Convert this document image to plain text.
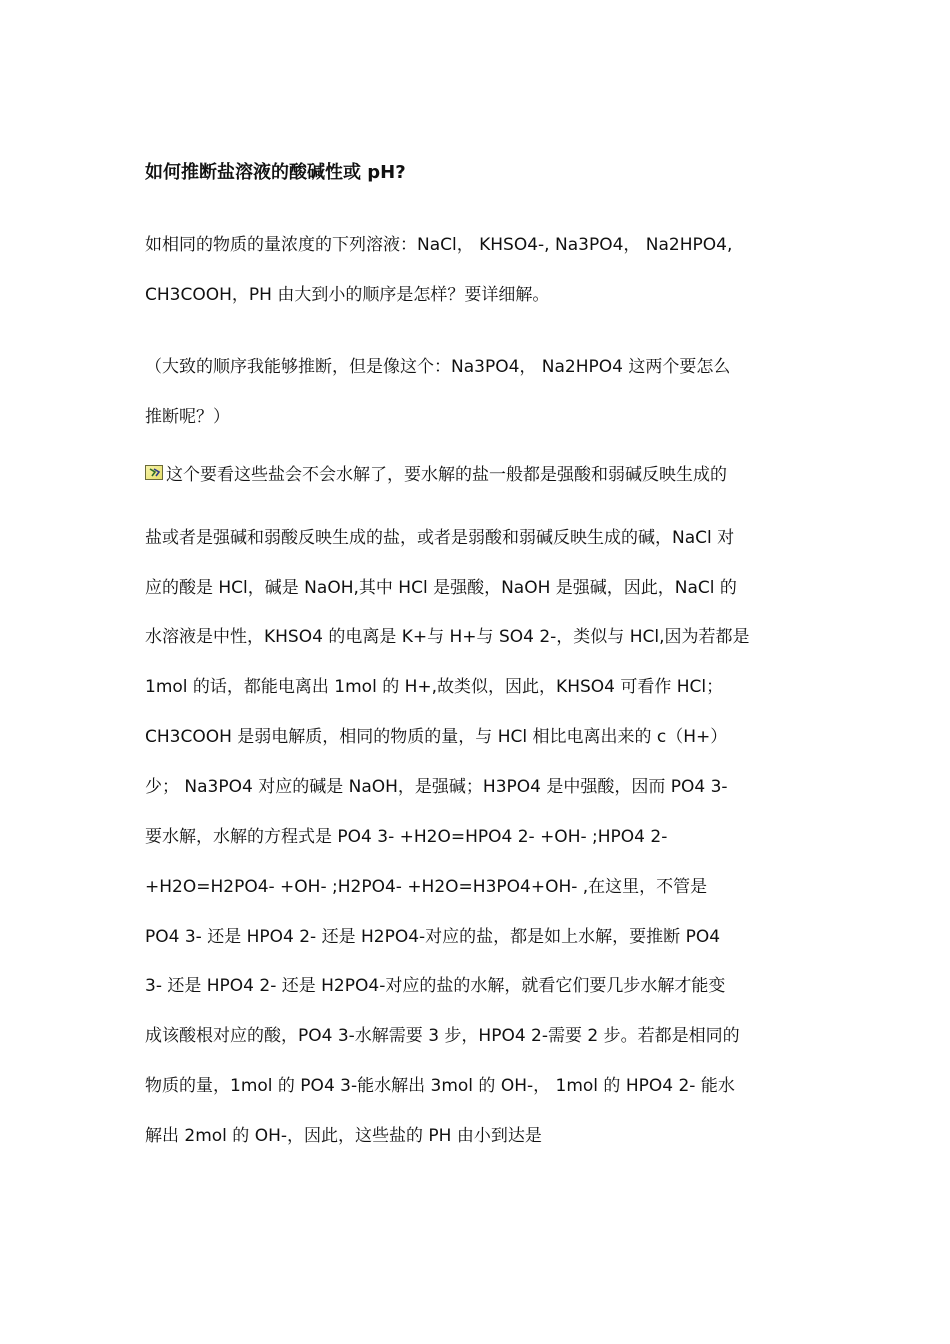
如何推断盐溶液的酸碱性或 pH?
如相同的物质的量浓度的下列溶液：NaCl， KHSO4-, Na3PO4， Na2HPO4,
CH3COOH，PH 由大到小的顺序是怎样？要详细解。
（大致的顺序我能够推断，但是像这个：Na3PO4， Na2HPO4 这两个要怎么
推断呢？）
这个要看这些盐会不会水解了，要水解的盐一般都是强酸和弱碱反映生成的
盐或者是强碱和弱酸反映生成的盐，或者是弱酸和弱碱反映生成的碱，NaCl 对
应的酸是 HCl，碱是 NaOH,其中 HCl 是强酸，NaOH 是强碱，因此，NaCl 的
水溶液是中性，KHSO4 的电离是 K+与 H+与 SO4 2-，类似与 HCl,因为若都是
1mol 的话，都能电离出 1mol 的 H+,故类似，因此，KHSO4 可看作 HCl；
CH3COOH 是弱电解质，相同的物质的量，与 HCl 相比电离出来的 c（H+）
少； Na3PO4 对应的碱是 NaOH，是强碱；H3PO4 是中强酸，因而 PO4 3-
要水解，水解的方程式是 PO4 3- +H2O=HPO4 2- +OH- ;HPO4 2-
+H2O=H2PO4- +OH- ;H2PO4- +H2O=H3PO4+OH- ,在这里，不管是
PO4 3- 还是 HPO4 2- 还是 H2PO4-对应的盐，都是如上水解，要推断 PO4
3- 还是 HPO4 2- 还是 H2PO4-对应的盐的水解，就看它们要几步水解才能变
成该酸根对应的酸，PO4 3-水解需要 3 步，HPO4 2-需要 2 步。若都是相同的
物质的量，1mol 的 PO4 3-能水解出 3mol 的 OH-， 1mol 的 HPO4 2- 能水
解出 2mol 的 OH-，因此，这些盐的 PH 由小到达是
